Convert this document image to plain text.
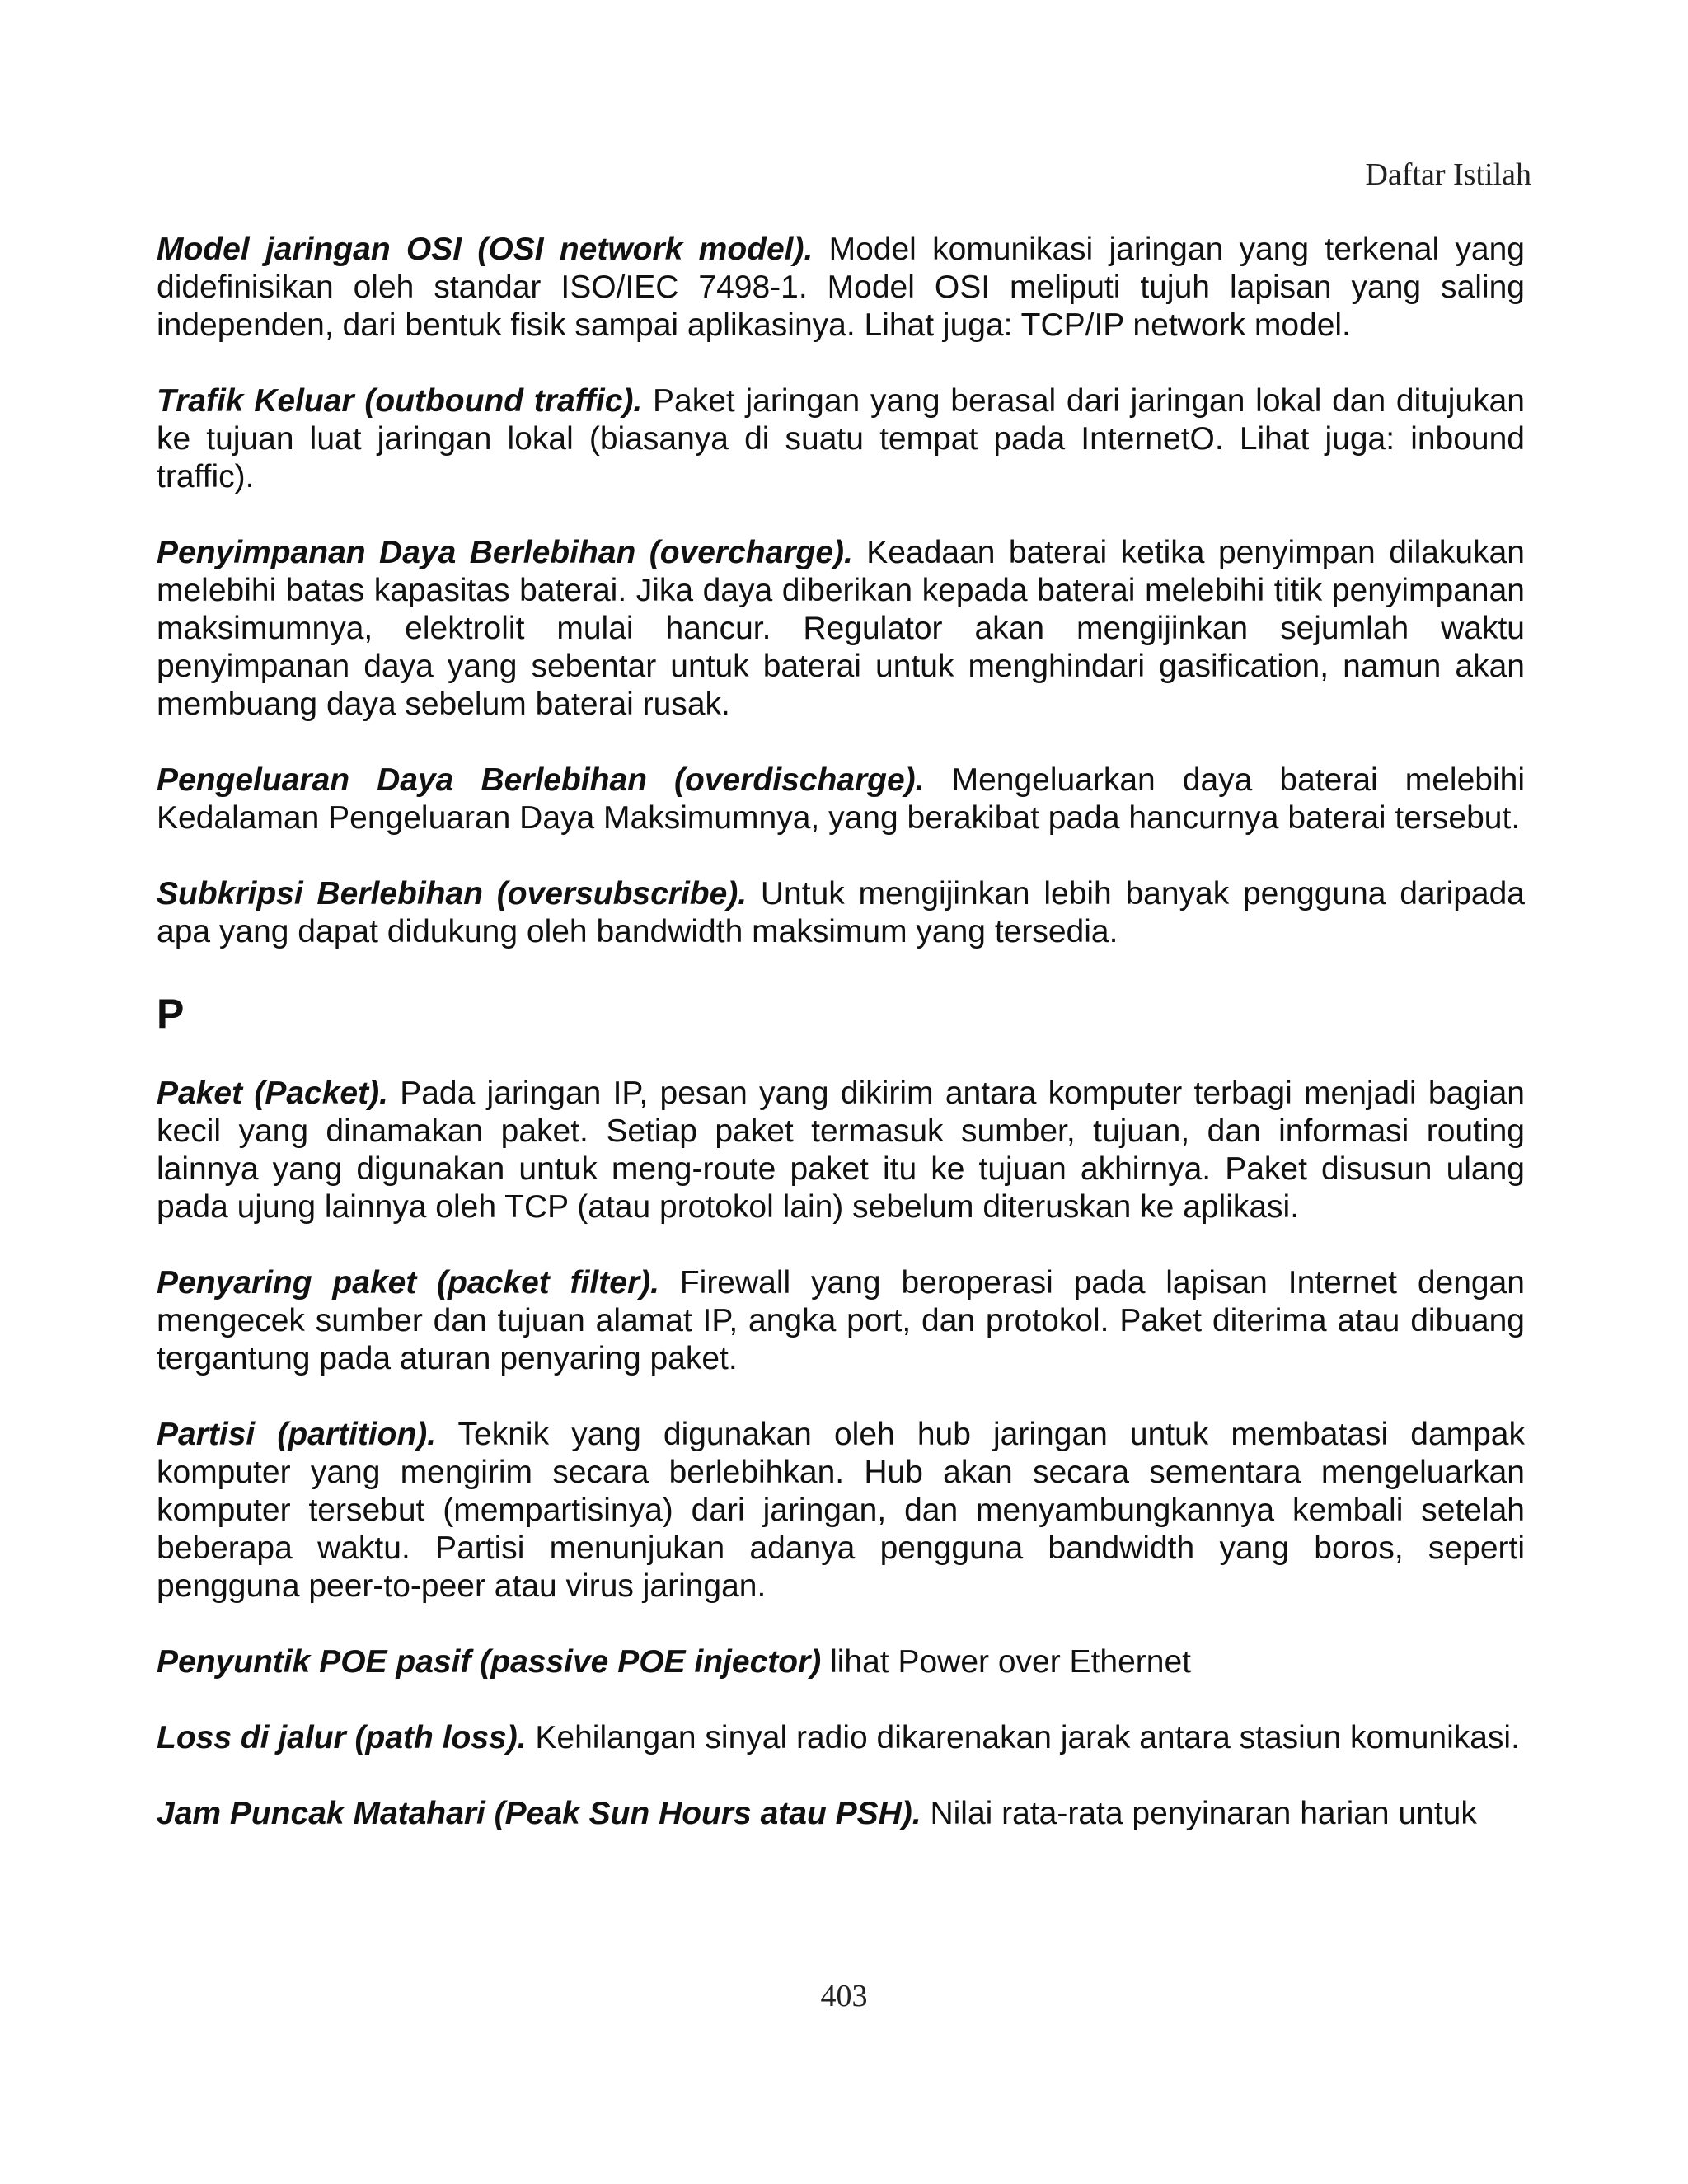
Daftar Istilah

Model jaringan OSI (OSI network model). Model komunikasi jaringan yang terkenal yang didefinisikan oleh standar ISO/IEC 7498-1. Model OSI meliputi tujuh lapisan yang saling independen, dari bentuk fisik sampai aplikasinya. Lihat juga: TCP/IP network model.

Trafik Keluar (outbound traffic). Paket jaringan yang berasal dari jaringan lokal dan ditujukan ke tujuan luat jaringan lokal (biasanya di suatu tempat pada InternetO. Lihat juga: inbound traffic).

Penyimpanan Daya Berlebihan (overcharge). Keadaan baterai ketika penyimpan dilakukan melebihi batas kapasitas baterai. Jika daya diberikan kepada baterai melebihi titik penyimpanan maksimumnya, elektrolit mulai hancur. Regulator akan mengijinkan sejumlah waktu penyimpanan daya yang sebentar untuk baterai untuk menghindari gasification, namun akan membuang daya sebelum baterai rusak.

Pengeluaran Daya Berlebihan (overdischarge). Mengeluarkan daya baterai melebihi Kedalaman Pengeluaran Daya Maksimumnya, yang berakibat pada hancurnya baterai tersebut.

Subkripsi Berlebihan (oversubscribe). Untuk mengijinkan lebih banyak pengguna daripada apa yang dapat didukung oleh bandwidth maksimum yang tersedia.

P

Paket (Packet). Pada jaringan IP, pesan yang dikirim antara komputer terbagi menjadi bagian kecil yang dinamakan paket. Setiap paket termasuk sumber, tujuan, dan informasi routing lainnya yang digunakan untuk meng-route paket itu ke tujuan akhirnya. Paket disusun ulang pada ujung lainnya oleh TCP (atau protokol lain) sebelum diteruskan ke aplikasi.

Penyaring paket (packet filter). Firewall yang beroperasi pada lapisan Internet dengan mengecek sumber dan tujuan alamat IP, angka port, dan protokol. Paket diterima atau dibuang tergantung pada aturan penyaring paket.

Partisi (partition). Teknik yang digunakan oleh hub jaringan untuk membatasi dampak komputer yang mengirim secara berlebihkan. Hub akan secara sementara mengeluarkan komputer tersebut (mempartisinya) dari jaringan, dan menyambungkannya kembali setelah beberapa waktu. Partisi menunjukan adanya pengguna bandwidth yang boros, seperti pengguna peer-to-peer atau virus jaringan.

Penyuntik POE pasif (passive POE injector) lihat Power over Ethernet

Loss di jalur (path loss). Kehilangan sinyal radio dikarenakan jarak antara stasiun komunikasi.

Jam Puncak Matahari (Peak Sun Hours atau PSH). Nilai rata-rata penyinaran harian untuk

403
